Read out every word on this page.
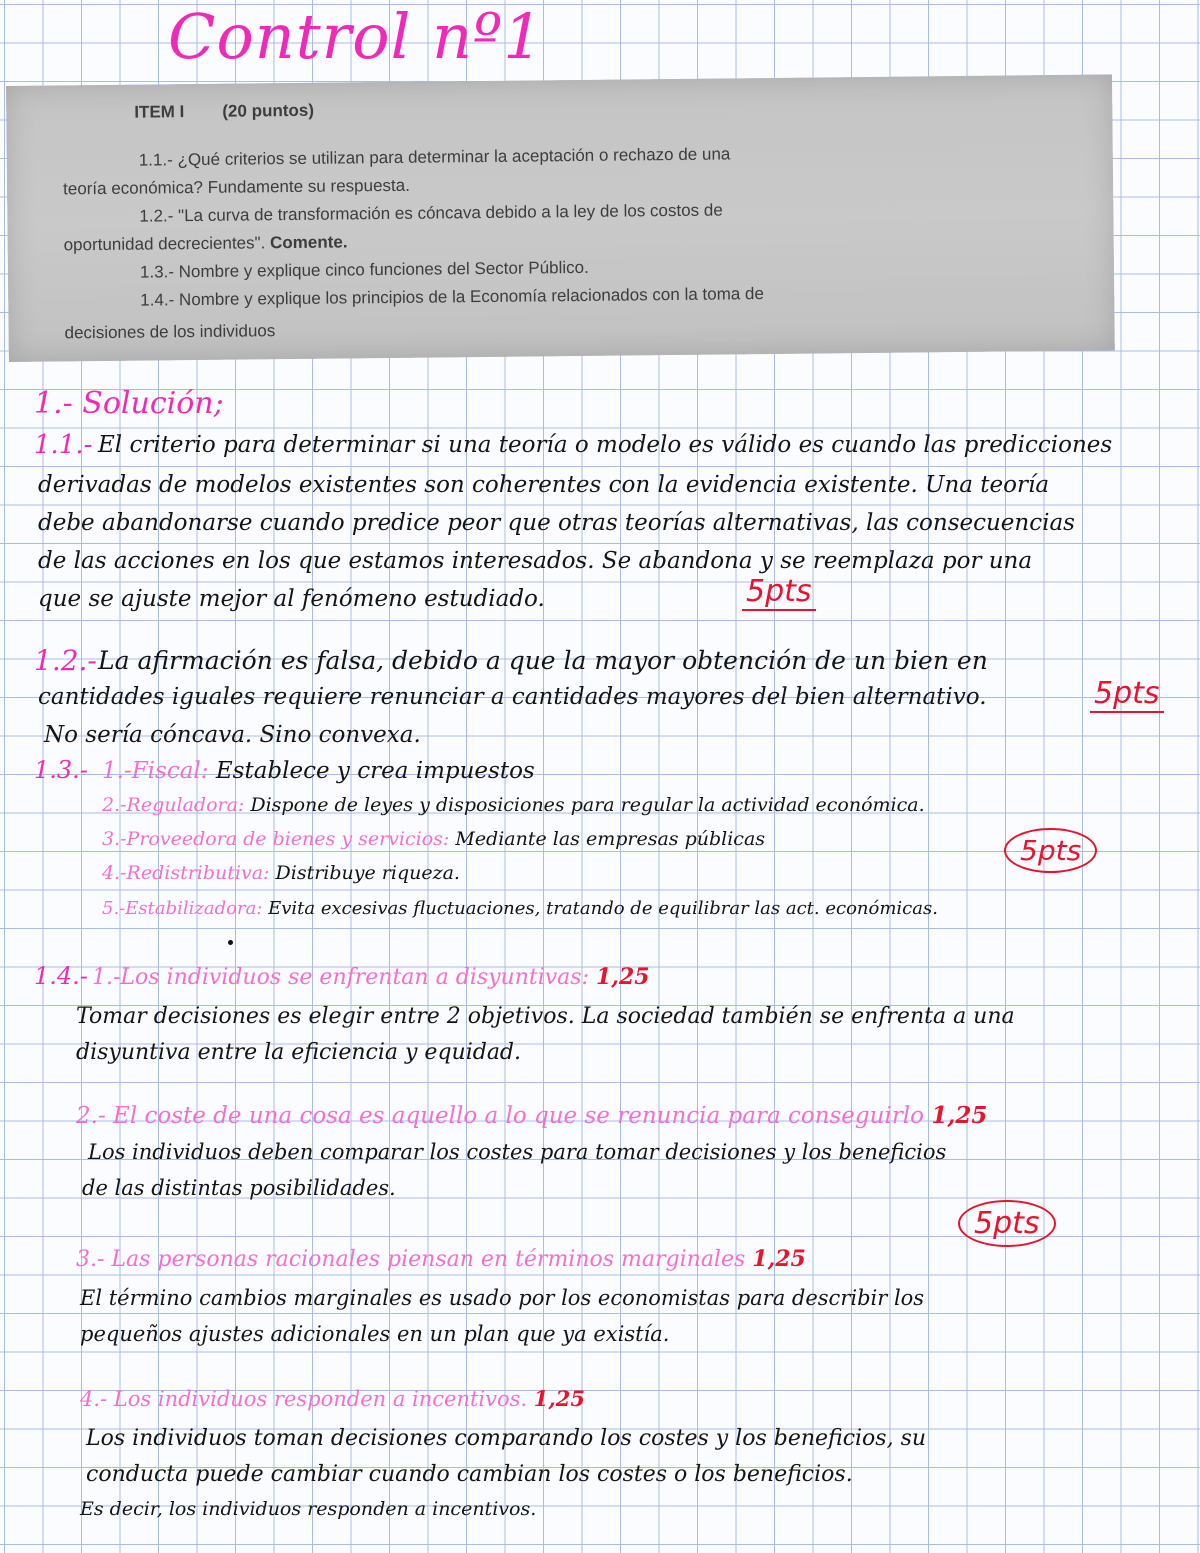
Control nº1
ITEM I (20 puntos)
1.1.- ¿Qué criterios se utilizan para determinar la aceptación o rechazo de una
teoría económica? Fundamente su respuesta.
1.2.- "La curva de transformación es cóncava debido a la ley de los costos de
oportunidad decrecientes". Comente.
1.3.- Nombre y explique cinco funciones del Sector Público.
1.4.- Nombre y explique los principios de la Economía relacionados con la toma de
decisiones de los individuos
1.- Solución;
1.1.- El criterio para determinar si una teoría o modelo es válido es cuando las predicciones
derivadas de modelos existentes son coherentes con la evidencia existente. Una teoría
debe abandonarse cuando predice peor que otras teorías alternativas, las consecuencias
de las acciones en los que estamos interesados. Se abandona y se reemplaza por una
que se ajuste mejor al fenómeno estudiado.	5pts
1.2.- La afirmación es falsa, debido a que la mayor obtención de un bien en
cantidades iguales requiere renunciar a cantidades mayores del bien alternativo.
No sería cóncava. Sino convexa.
5pts
1.3.- 1.-Fiscal: Establece y crea impuestos
2.-Reguladora: Dispone de leyes y disposiciones para regular la actividad económica.
3.-Proveedora de bienes y servicios: Mediante las empresas públicas
4.-Redistributiva: Distribuye riqueza.
5.-Estabilizadora: Evita excesivas fluctuaciones, tratando de equilibrar las act. económicas.
5pts
1.4.- 1.-Los individuos se enfrentan a disyuntivas: 1,25
Tomar decisiones es elegir entre 2 objetivos. La sociedad también se enfrenta a una
disyuntiva entre la eficiencia y equidad.
2.- El coste de una cosa es aquello a lo que se renuncia para conseguirlo 1,25
Los individuos deben comparar los costes para tomar decisiones y los beneficios
de las distintas posibilidades.
5pts
3.- Las personas racionales piensan en términos marginales 1,25
El término cambios marginales es usado por los economistas para describir los
pequeños ajustes adicionales en un plan que ya existía.
4.- Los individuos responden a incentivos. 1,25
Los individuos toman decisiones comparando los costes y los beneficios, su
conducta puede cambiar cuando cambian los costes o los beneficios.
Es decir, los individuos responden a incentivos.
